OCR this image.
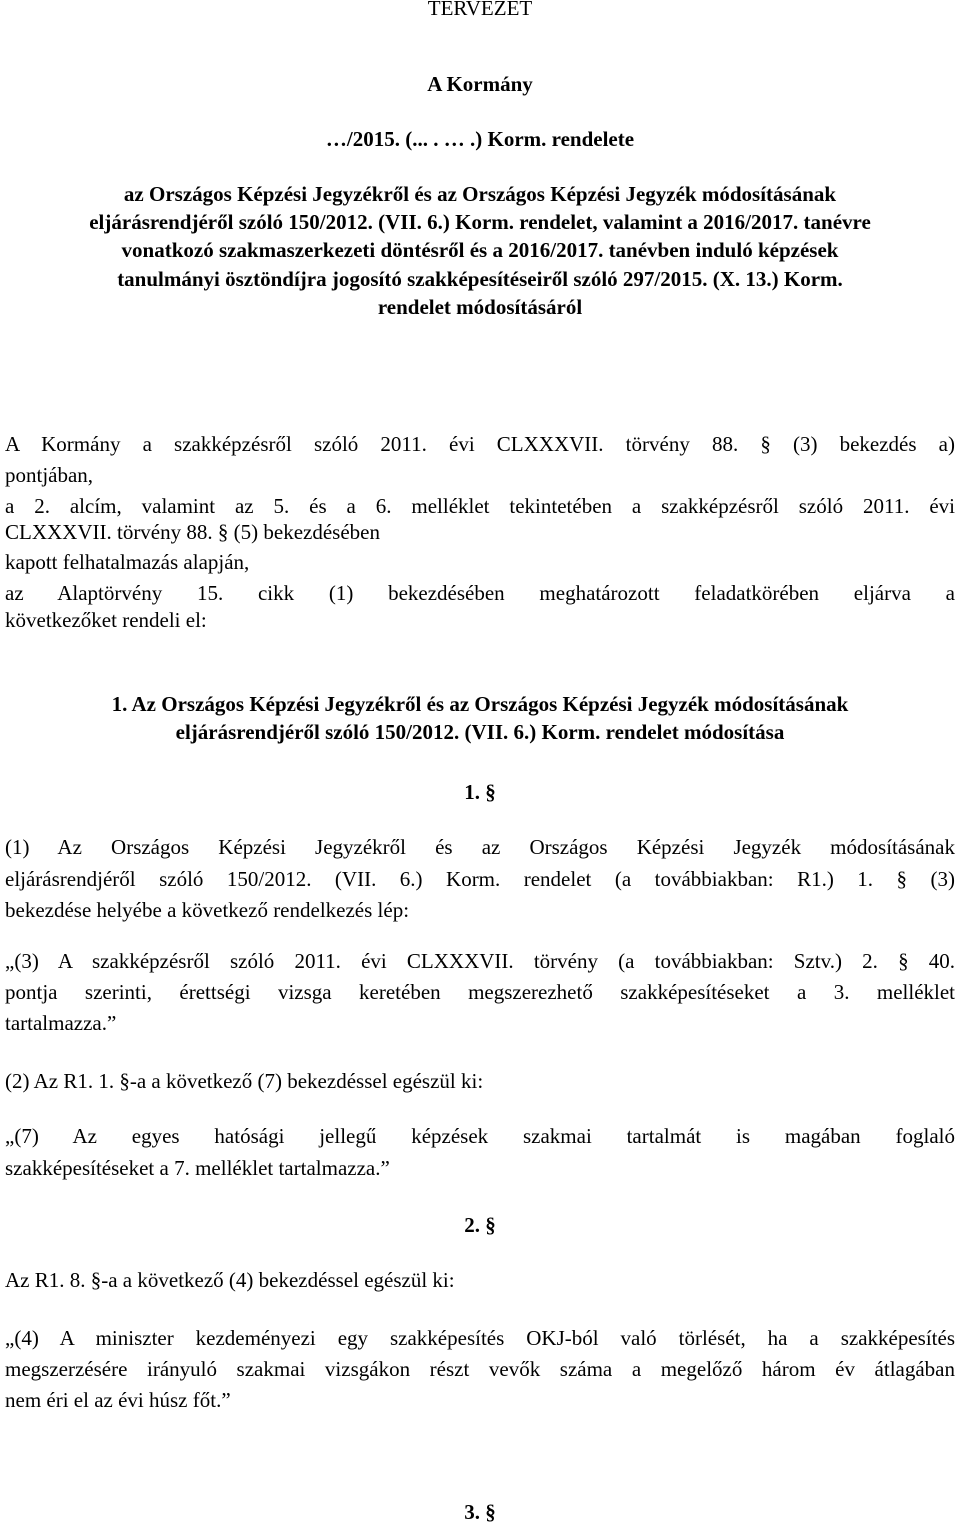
TERVEZET
A Kormány
…/2015. (... . … .) Korm. rendelete
az Országos Képzési Jegyzékről és az Országos Képzési Jegyzék módosításának
eljárásrendjéről szóló 150/2012. (VII. 6.) Korm. rendelet, valamint a 2016/2017. tanévre
vonatkozó szakmaszerkezeti döntésről és a 2016/2017. tanévben induló képzések
tanulmányi ösztöndíjra jogosító szakképesítéseiről szóló 297/2015. (X. 13.) Korm.
rendelet módosításáról
A Kormány a szakképzésről szóló 2011. évi CLXXXVII. törvény 88. § (3) bekezdés a)
pontjában,
a 2. alcím, valamint az 5. és a 6. melléklet tekintetében a szakképzésről szóló 2011. évi
CLXXXVII. törvény 88. § (5) bekezdésében
kapott felhatalmazás alapján,
az Alaptörvény 15. cikk (1) bekezdésében meghatározott feladatkörében eljárva a
következőket rendeli el:
1. Az Országos Képzési Jegyzékről és az Országos Képzési Jegyzék módosításának
eljárásrendjéről szóló 150/2012. (VII. 6.) Korm. rendelet módosítása
1. §
(1) Az Országos Képzési Jegyzékről és az Országos Képzési Jegyzék módosításának
eljárásrendjéről szóló 150/2012. (VII. 6.) Korm. rendelet (a továbbiakban: R1.) 1. § (3)
bekezdése helyébe a következő rendelkezés lép:
„(3) A szakképzésről szóló 2011. évi CLXXXVII. törvény (a továbbiakban: Sztv.) 2. § 40.
pontja szerinti, érettségi vizsga keretében megszerezhető szakképesítéseket a 3. melléklet
tartalmazza.”
(2) Az R1. 1. §-a a következő (7) bekezdéssel egészül ki:
„(7) Az egyes hatósági jellegű képzések szakmai tartalmát is magában foglaló
szakképesítéseket a 7. melléklet tartalmazza.”
2. §
Az R1. 8. §-a a következő (4) bekezdéssel egészül ki:
„(4) A miniszter kezdeményezi egy szakképesítés OKJ-ból való törlését, ha a szakképesítés
megszerzésére irányuló szakmai vizsgákon részt vevők száma a megelőző három év átlagában
nem éri el az évi húsz főt.”
3. §
